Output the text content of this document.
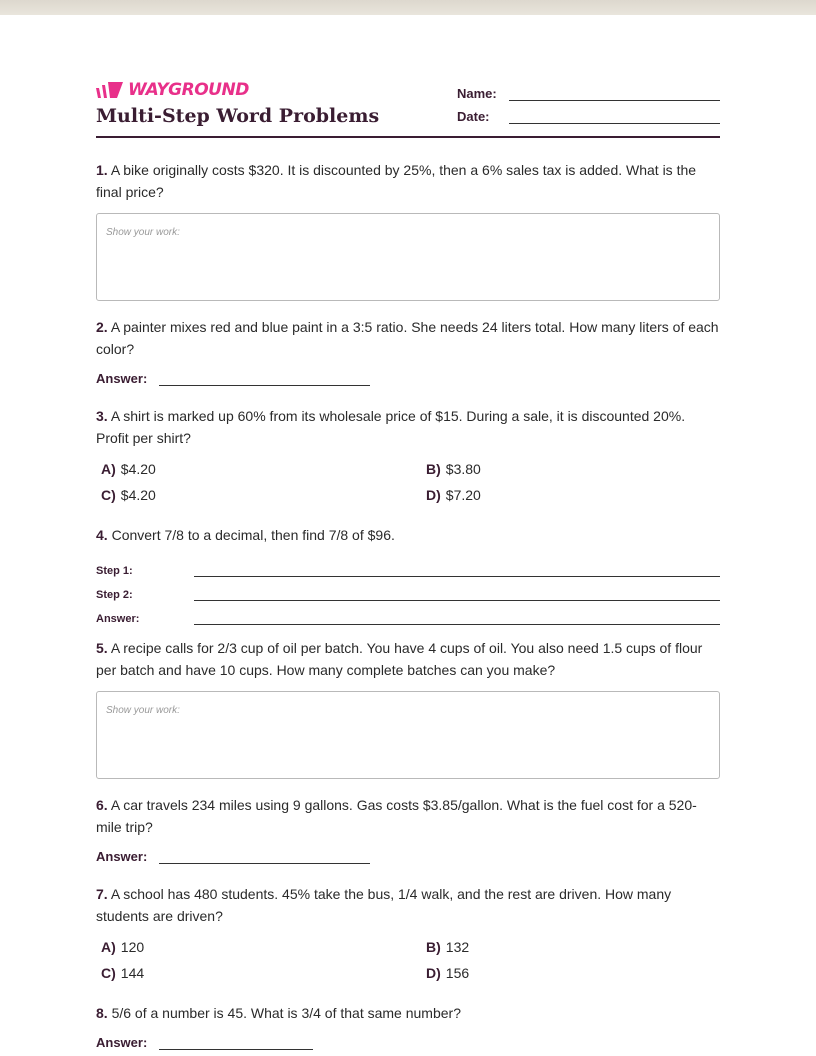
WAYGROUND
Multi-Step Word Problems
Name:
Date:

1. A bike originally costs $320. It is discounted by 25%, then a 6% sales tax is added. What is the final price?

Show your work:

2. A painter mixes red and blue paint in a 3:5 ratio. She needs 24 liters total. How many liters of each color?

Answer:

3. A shirt is marked up 60% from its wholesale price of $15. During a sale, it is discounted 20%. Profit per shirt?

A) $4.20	B) $3.80
C) $4.20	D) $7.20

4. Convert 7/8 to a decimal, then find 7/8 of $96.

Step 1:
Step 2:
Answer:

5. A recipe calls for 2/3 cup of oil per batch. You have 4 cups of oil. You also need 1.5 cups of flour per batch and have 10 cups. How many complete batches can you make?

Show your work:

6. A car travels 234 miles using 9 gallons. Gas costs $3.85/gallon. What is the fuel cost for a 520-mile trip?

Answer:

7. A school has 480 students. 45% take the bus, 1/4 walk, and the rest are driven. How many students are driven?

A) 120	B) 132
C) 144	D) 156

8. 5/6 of a number is 45. What is 3/4 of that same number?

Answer:
